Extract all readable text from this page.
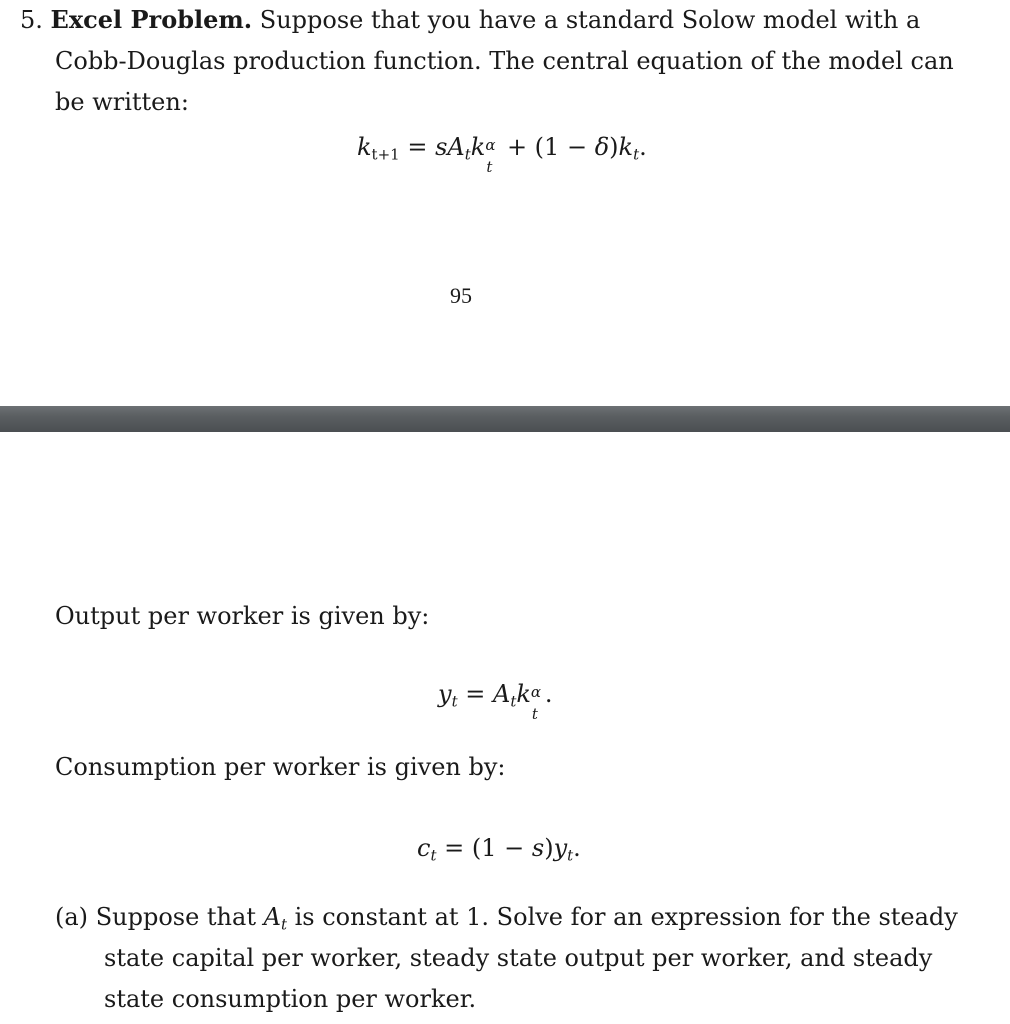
5. Excel Problem. Suppose that you have a standard Solow model with a
Cobb-Douglas production function. The central equation of the model can
be written:
$k_{t+1} = sA_tk$ α
t
+ $(1 - \delta)k_t$.
95
Output per worker is given by:
$y_t = A_tk$ α
t
.
Consumption per worker is given by:
$c_t = (1 - s)y_t$.
(a) Suppose that $A_t$ is constant at 1. Solve for an expression for the steady
state capital per worker, steady state output per worker, and steady
state consumption per worker.
